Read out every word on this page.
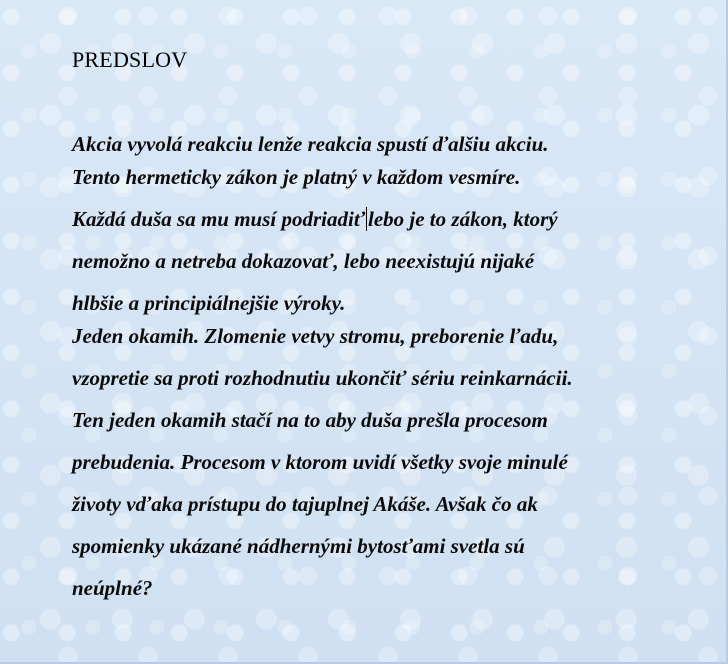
PREDSLOV
Akcia vyvolá reakciu lenže reakcia spustí ďalšiu akciu.
Tento hermeticky zákon je platný v každom vesmíre.
Každá duša sa mu musí podriadiť lebo je to zákon, ktorý
nemožno a netreba dokazovať, lebo neexistujú nijaké
hlbšie a principiálnejšie výroky.
Jeden okamih. Zlomenie vetvy stromu, preborenie ľadu,
vzopretie sa proti rozhodnutiu ukončiť sériu reinkarnácii.
Ten jeden okamih stačí na to aby duša prešla procesom
prebudenia. Procesom v ktorom uvidí všetky svoje minulé
životy vďaka prístupu do tajuplnej Akáše. Avšak čo ak
spomienky ukázané nádhernými bytosťami svetla sú
neúplné?
